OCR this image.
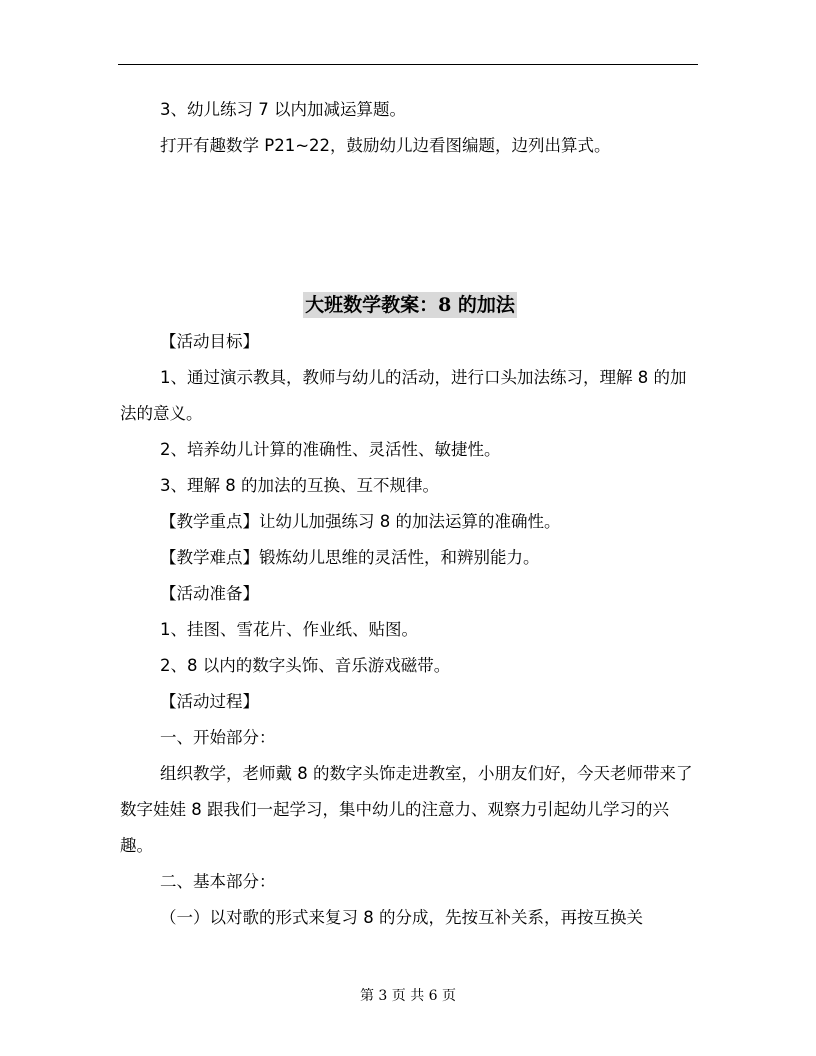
3、幼儿练习 7 以内加减运算题。

打开有趣数学 P21~22，鼓励幼儿边看图编题，边列出算式。

大班数学教案：8 的加法

【活动目标】

1、通过演示教具，教师与幼儿的活动，进行口头加法练习，理解 8 的加法的意义。

2、培养幼儿计算的准确性、灵活性、敏捷性。

3、理解 8 的加法的互换、互不规律。

【教学重点】让幼儿加强练习 8 的加法运算的准确性。

【教学难点】锻炼幼儿思维的灵活性，和辨别能力。

【活动准备】

1、挂图、雪花片、作业纸、贴图。

2、8 以内的数字头饰、音乐游戏磁带。

【活动过程】

一、开始部分：

组织教学，老师戴 8 的数字头饰走进教室，小朋友们好，今天老师带来了数字娃娃 8 跟我们一起学习，集中幼儿的注意力、观察力引起幼儿学习的兴趣。

二、基本部分：

（一）以对歌的形式来复习 8 的分成，先按互补关系，再按互换关

第 3 页 共 6 页
